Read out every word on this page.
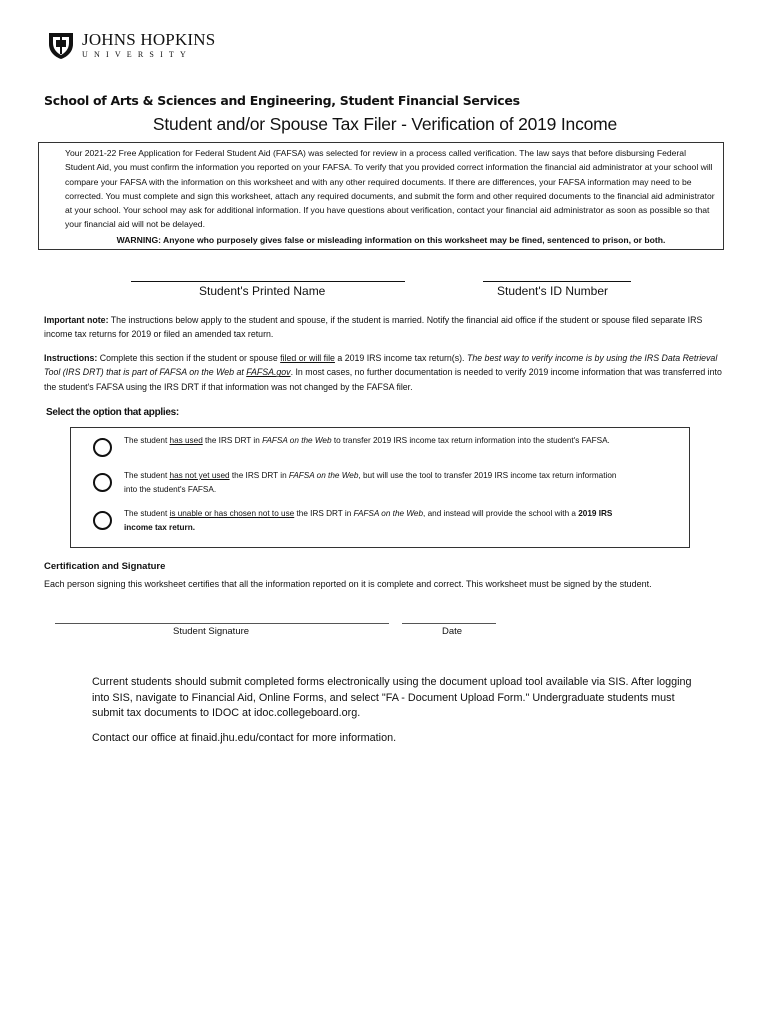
JOHNS HOPKINS
UNIVERSITY
School of Arts & Sciences and Engineering, Student Financial Services
Student and/or Spouse Tax Filer - Verification of 2019 Income
Your 2021-22 Free Application for Federal Student Aid (FAFSA) was selected for review in a process called verification. The law says that before disbursing Federal Student Aid, you must confirm the information you reported on your FAFSA. To verify that you provided correct information the financial aid administrator at your school will compare your FAFSA with the information on this worksheet and with any other required documents. If there are differences, your FAFSA information may need to be corrected. You must complete and sign this worksheet, attach any required documents, and submit the form and other required documents to the financial aid administrator at your school. Your school may ask for additional information. If you have questions about verification, contact your financial aid administrator as soon as possible so that your financial aid will not be delayed.
WARNING: Anyone who purposely gives false or misleading information on this worksheet may be fined, sentenced to prison, or both.
Student's Printed Name	Student's ID Number
Important note: The instructions below apply to the student and spouse, if the student is married. Notify the financial aid office if the student or spouse filed separate IRS income tax returns for 2019 or filed an amended tax return.
Instructions: Complete this section if the student or spouse filed or will file a 2019 IRS income tax return(s). The best way to verify income is by using the IRS Data Retrieval Tool (IRS DRT) that is part of FAFSA on the Web at FAFSA.gov. In most cases, no further documentation is needed to verify 2019 income information that was transferred into the student's FAFSA using the IRS DRT if that information was not changed by the FAFSA filer.
Select the option that applies:
The student has used the IRS DRT in FAFSA on the Web to transfer 2019 IRS income tax return information into the student's FAFSA.
The student has not yet used the IRS DRT in FAFSA on the Web, but will use the tool to transfer 2019 IRS income tax return information into the student's FAFSA.
The student is unable or has chosen not to use the IRS DRT in FAFSA on the Web, and instead will provide the school with a 2019 IRS income tax return.
Certification and Signature
Each person signing this worksheet certifies that all the information reported on it is complete and correct. This worksheet must be signed by the student.
Student Signature	Date
Current students should submit completed forms electronically using the document upload tool available via SIS. After logging into SIS, navigate to Financial Aid, Online Forms, and select "FA - Document Upload Form." Undergraduate students must submit tax documents to IDOC at idoc.collegeboard.org.
Contact our office at finaid.jhu.edu/contact for more information.
